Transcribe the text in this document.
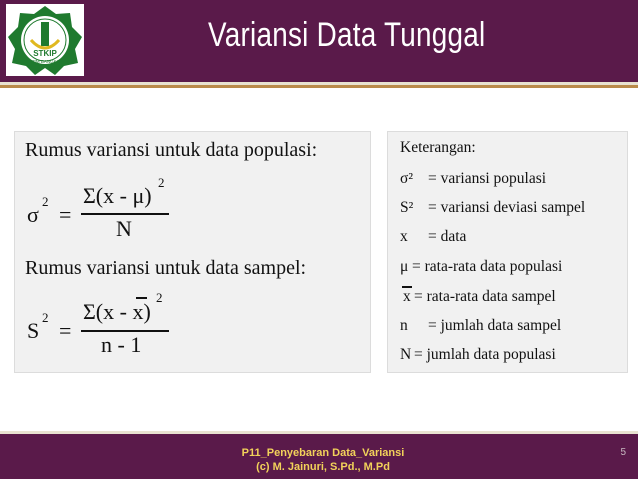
STKIP
YPM BANGKO
Variansi Data Tunggal
Rumus variansi untuk data populasi:
σ
2
=
Σ(x - μ)
2
N
Rumus variansi untuk data sampel:
S
2
=
Σ(x - x)
2
n - 1
Keterangan:
σ² = variansi populasi
S² = variansi deviasi sampel
x = data
μ = rata-rata data populasi
x = rata-rata data sampel
n = jumlah data sampel
N = jumlah data populasi
P11_Penyebaran Data_Variansi
(c) M. Jainuri, S.Pd., M.Pd
5
